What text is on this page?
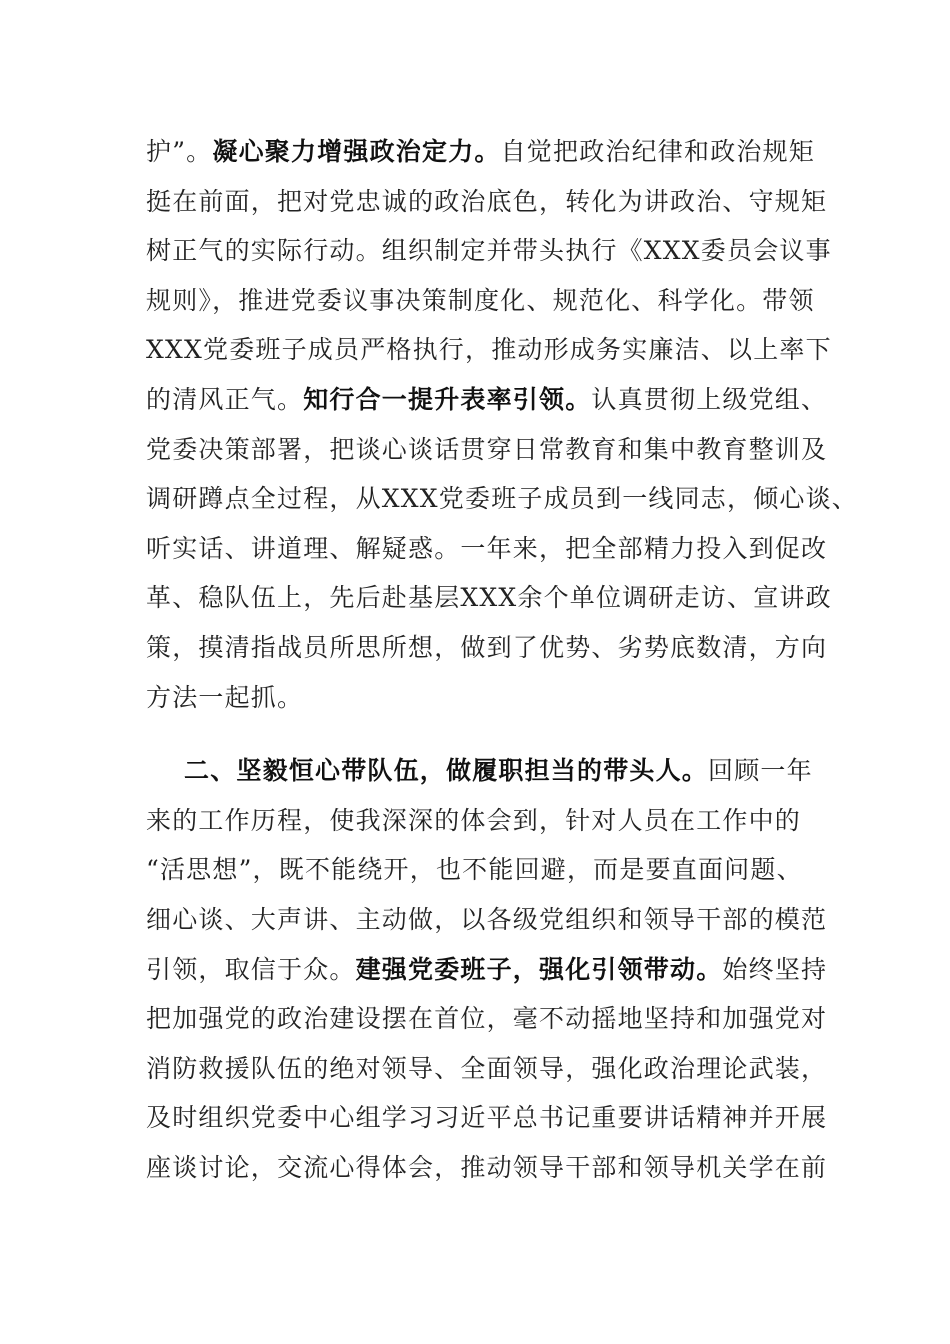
护”。凝心聚力增强政治定力。自觉把政治纪律和政治规矩
挺在前面，把对党忠诚的政治底色，转化为讲政治、守规矩
树正气的实际行动。组织制定并带头执行《XXX委员会议事
规则》，推进党委议事决策制度化、规范化、科学化。带领
XXX党委班子成员严格执行，推动形成务实廉洁、以上率下
的清风正气。知行合一提升表率引领。认真贯彻上级党组、
党委决策部署，把谈心谈话贯穿日常教育和集中教育整训及
调研蹲点全过程，从XXX党委班子成员到一线同志，倾心谈、
听实话、讲道理、解疑惑。一年来，把全部精力投入到促改
革、稳队伍上，先后赴基层XXX余个单位调研走访、宣讲政
策，摸清指战员所思所想，做到了优势、劣势底数清，方向
方法一起抓。
二、坚毅恒心带队伍，做履职担当的带头人。回顾一年
来的工作历程，使我深深的体会到，针对人员在工作中的
“活思想”，既不能绕开，也不能回避，而是要直面问题、
细心谈、大声讲、主动做，以各级党组织和领导干部的模范
引领，取信于众。建强党委班子，强化引领带动。始终坚持
把加强党的政治建设摆在首位，毫不动摇地坚持和加强党对
消防救援队伍的绝对领导、全面领导，强化政治理论武装，
及时组织党委中心组学习习近平总书记重要讲话精神并开展
座谈讨论，交流心得体会，推动领导干部和领导机关学在前
